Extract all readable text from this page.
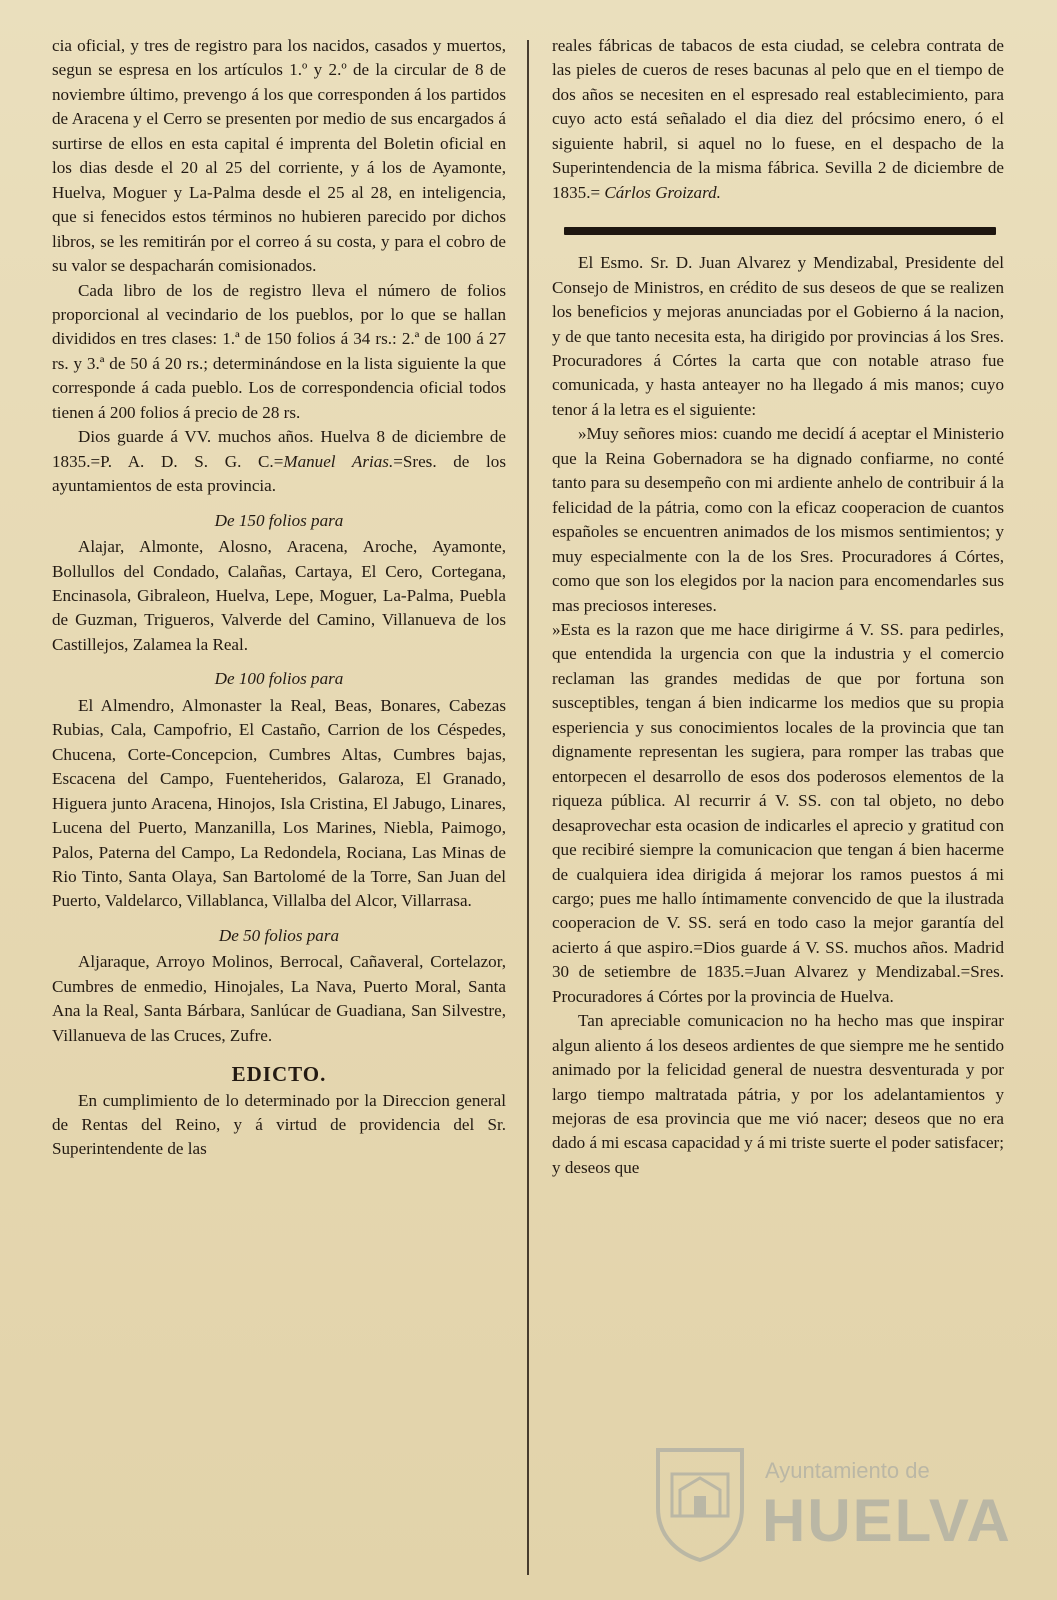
cia oficial, y tres de registro para los nacidos, casados y muertos, segun se espresa en los artículos 1.º y 2.º de la circular de 8 de noviembre último, prevengo á los que corresponden á los partidos de Aracena y el Cerro se presenten por medio de sus encargados á surtirse de ellos en esta capital é imprenta del Boletin oficial en los dias desde el 20 al 25 del corriente, y á los de Ayamonte, Huelva, Moguer y La-Palma desde el 25 al 28, en inteligencia, que si fenecidos estos términos no hubieren parecido por dichos libros, se les remitirán por el correo á su costa, y para el cobro de su valor se despacharán comisionados.

Cada libro de los de registro lleva el número de folios proporcional al vecindario de los pueblos, por lo que se hallan divididos en tres clases: 1.ª de 150 folios á 34 rs.: 2.ª de 100 á 27 rs. y 3.ª de 50 á 20 rs.; determinándose en la lista siguiente la que corresponde á cada pueblo. Los de correspondencia oficial todos tienen á 200 folios á precio de 28 rs.

Dios guarde á VV. muchos años. Huelva 8 de diciembre de 1835.=P. A. D. S. G. C.=Manuel Arias.=Sres. de los ayuntamientos de esta provincia.

De 150 folios para

Alajar, Almonte, Alosno, Aracena, Aroche, Ayamonte, Bollullos del Condado, Calañas, Cartaya, El Cero, Cortegana, Encinasola, Gibraleon, Huelva, Lepe, Moguer, La-Palma, Puebla de Guzman, Trigueros, Valverde del Camino, Villanueva de los Castillejos, Zalamea la Real.

De 100 folios para

El Almendro, Almonaster la Real, Beas, Bonares, Cabezas Rubias, Cala, Campofrio, El Castaño, Carrion de los Céspedes, Chucena, Corte-Concepcion, Cumbres Altas, Cumbres bajas, Escacena del Campo, Fuenteheridos, Galaroza, El Granado, Higuera junto Aracena, Hinojos, Isla Cristina, El Jabugo, Linares, Lucena del Puerto, Manzanilla, Los Marines, Niebla, Paimogo, Palos, Paterna del Campo, La Redondela, Rociana, Las Minas de Rio Tinto, Santa Olaya, San Bartolomé de la Torre, San Juan del Puerto, Valdelarco, Villablanca, Villalba del Alcor, Villarrasa.

De 50 folios para

Aljaraque, Arroyo Molinos, Berrocal, Cañaveral, Cortelazor, Cumbres de enmedio, Hinojales, La Nava, Puerto Moral, Santa Ana la Real, Santa Bárbara, Sanlúcar de Guadiana, San Silvestre, Villanueva de las Cruces, Zufre.

EDICTO.

En cumplimiento de lo determinado por la Direccion general de Rentas del Reino, y á virtud de providencia del Sr. Superintendente de las

reales fábricas de tabacos de esta ciudad, se celebra contrata de las pieles de cueros de reses bacunas al pelo que en el tiempo de dos años se necesiten en el espresado real establecimiento, para cuyo acto está señalado el dia diez del prócsimo enero, ó el siguiente habril, si aquel no lo fuese, en el despacho de la Superintendencia de la misma fábrica. Sevilla 2 de diciembre de 1835.= Cárlos Groizard.

El Esmo. Sr. D. Juan Alvarez y Mendizabal, Presidente del Consejo de Ministros, en crédito de sus deseos de que se realizen los beneficios y mejoras anunciadas por el Gobierno á la nacion, y de que tanto necesita esta, ha dirigido por provincias á los Sres. Procuradores á Córtes la carta que con notable atraso fue comunicada, y hasta anteayer no ha llegado á mis manos; cuyo tenor á la letra es el siguiente:

»Muy señores mios: cuando me decidí á aceptar el Ministerio que la Reina Gobernadora se ha dignado confiarme, no conté tanto para su desempeño con mi ardiente anhelo de contribuir á la felicidad de la pátria, como con la eficaz cooperacion de cuantos españoles se encuentren animados de los mismos sentimientos; y muy especialmente con la de los Sres. Procuradores á Córtes, como que son los elegidos por la nacion para encomendarles sus mas preciosos intereses.

»Esta es la razon que me hace dirigirme á V. SS. para pedirles, que entendida la urgencia con que la industria y el comercio reclaman las grandes medidas de que por fortuna son susceptibles, tengan á bien indicarme los medios que su propia esperiencia y sus conocimientos locales de la provincia que tan dignamente representan les sugiera, para romper las trabas que entorpecen el desarrollo de esos dos poderosos elementos de la riqueza pública. Al recurrir á V. SS. con tal objeto, no debo desaprovechar esta ocasion de indicarles el aprecio y gratitud con que recibiré siempre la comunicacion que tengan á bien hacerme de cualquiera idea dirigida á mejorar los ramos puestos á mi cargo; pues me hallo íntimamente convencido de que la ilustrada cooperacion de V. SS. será en todo caso la mejor garantía del acierto á que aspiro.=Dios guarde á V. SS. muchos años. Madrid 30 de setiembre de 1835.=Juan Alvarez y Mendizabal.=Sres. Procuradores á Córtes por la provincia de Huelva.

Tan apreciable comunicacion no ha hecho mas que inspirar algun aliento á los deseos ardientes de que siempre me he sentido animado por la felicidad general de nuestra desventurada y por largo tiempo maltratada pátria, y por los adelantamientos y mejoras de esa provincia que me vió nacer; deseos que no era dado á mi escasa capacidad y á mi triste suerte el poder satisfacer; y deseos que

Ayuntamiento de
HUELVA
